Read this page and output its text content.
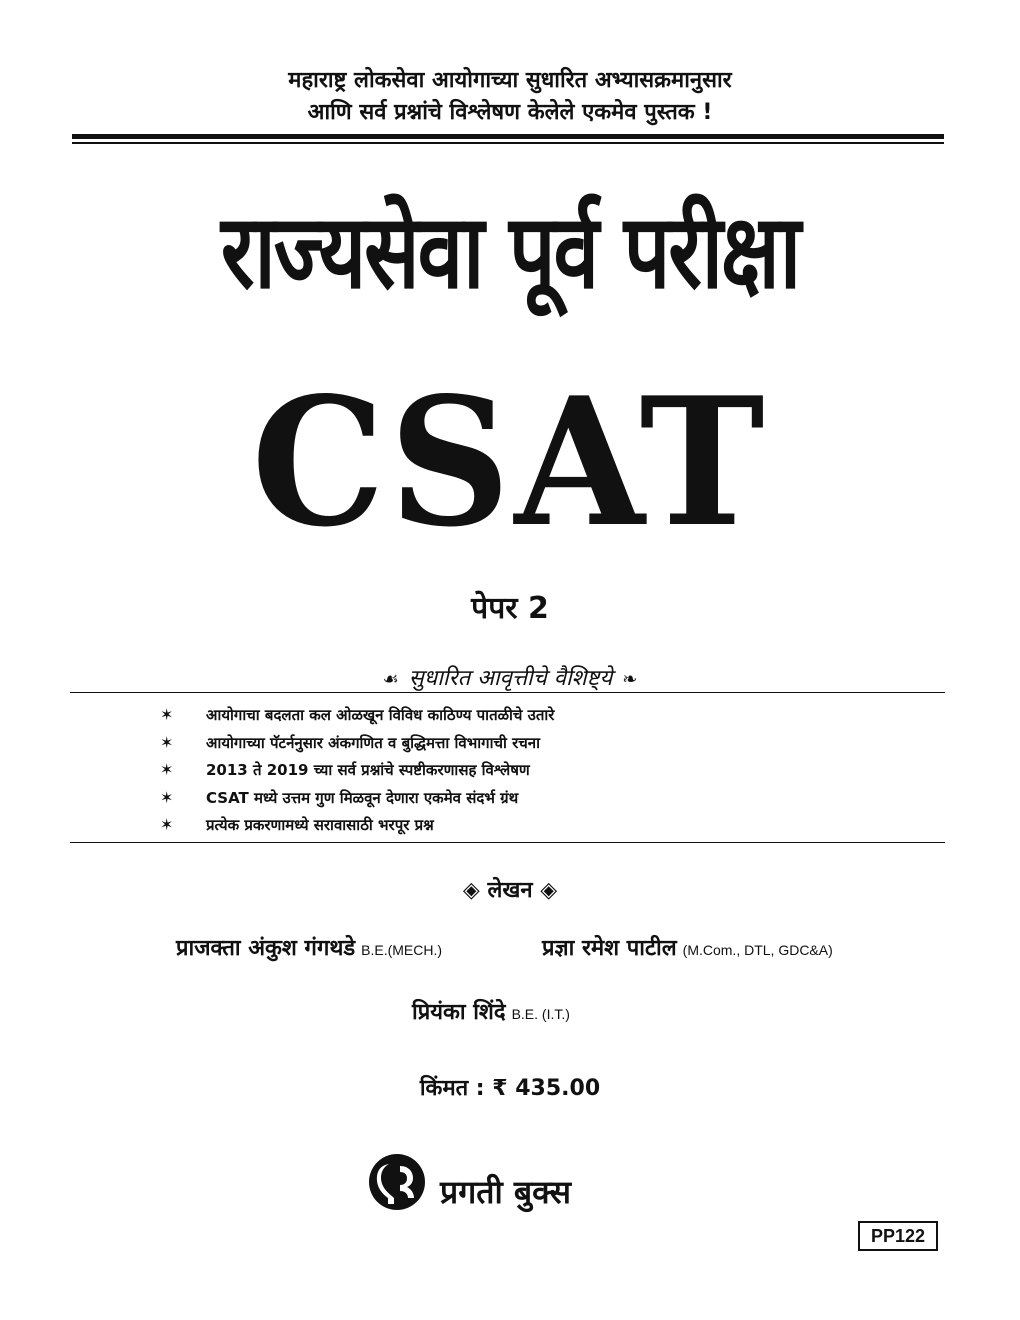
महाराष्ट्र लोकसेवा आयोगाच्या सुधारित अभ्यासक्रमानुसार
आणि सर्व प्रश्नांचे विश्लेषण केलेले एकमेव पुस्तक !
राज्यसेवा पूर्व परीक्षा
CSAT
पेपर 2
☙ सुधारित आवृत्तीचे वैशिष्ट्ये ❧
✶ आयोगाचा बदलता कल ओळखून विविध काठिण्य पातळीचे उतारे
✶ आयोगाच्या पॅटर्ननुसार अंकगणित व बुद्धिमत्ता विभागाची रचना
✶ 2013 ते 2019 च्या सर्व प्रश्नांचे स्पष्टीकरणासह विश्लेषण
✶ CSAT मध्ये उत्तम गुण मिळवून देणारा एकमेव संदर्भ ग्रंथ
✶ प्रत्येक प्रकरणामध्ये सरावासाठी भरपूर प्रश्न
◈ लेखन ◈
प्राजक्ता अंकुश गंगथडे B.E.(MECH.)	प्रज्ञा रमेश पाटील (M.Com., DTL, GDC&A)
प्रियंका शिंदे B.E. (I.T.)
किंमत : ₹ 435.00
प्रगती बुक्स
PP122
